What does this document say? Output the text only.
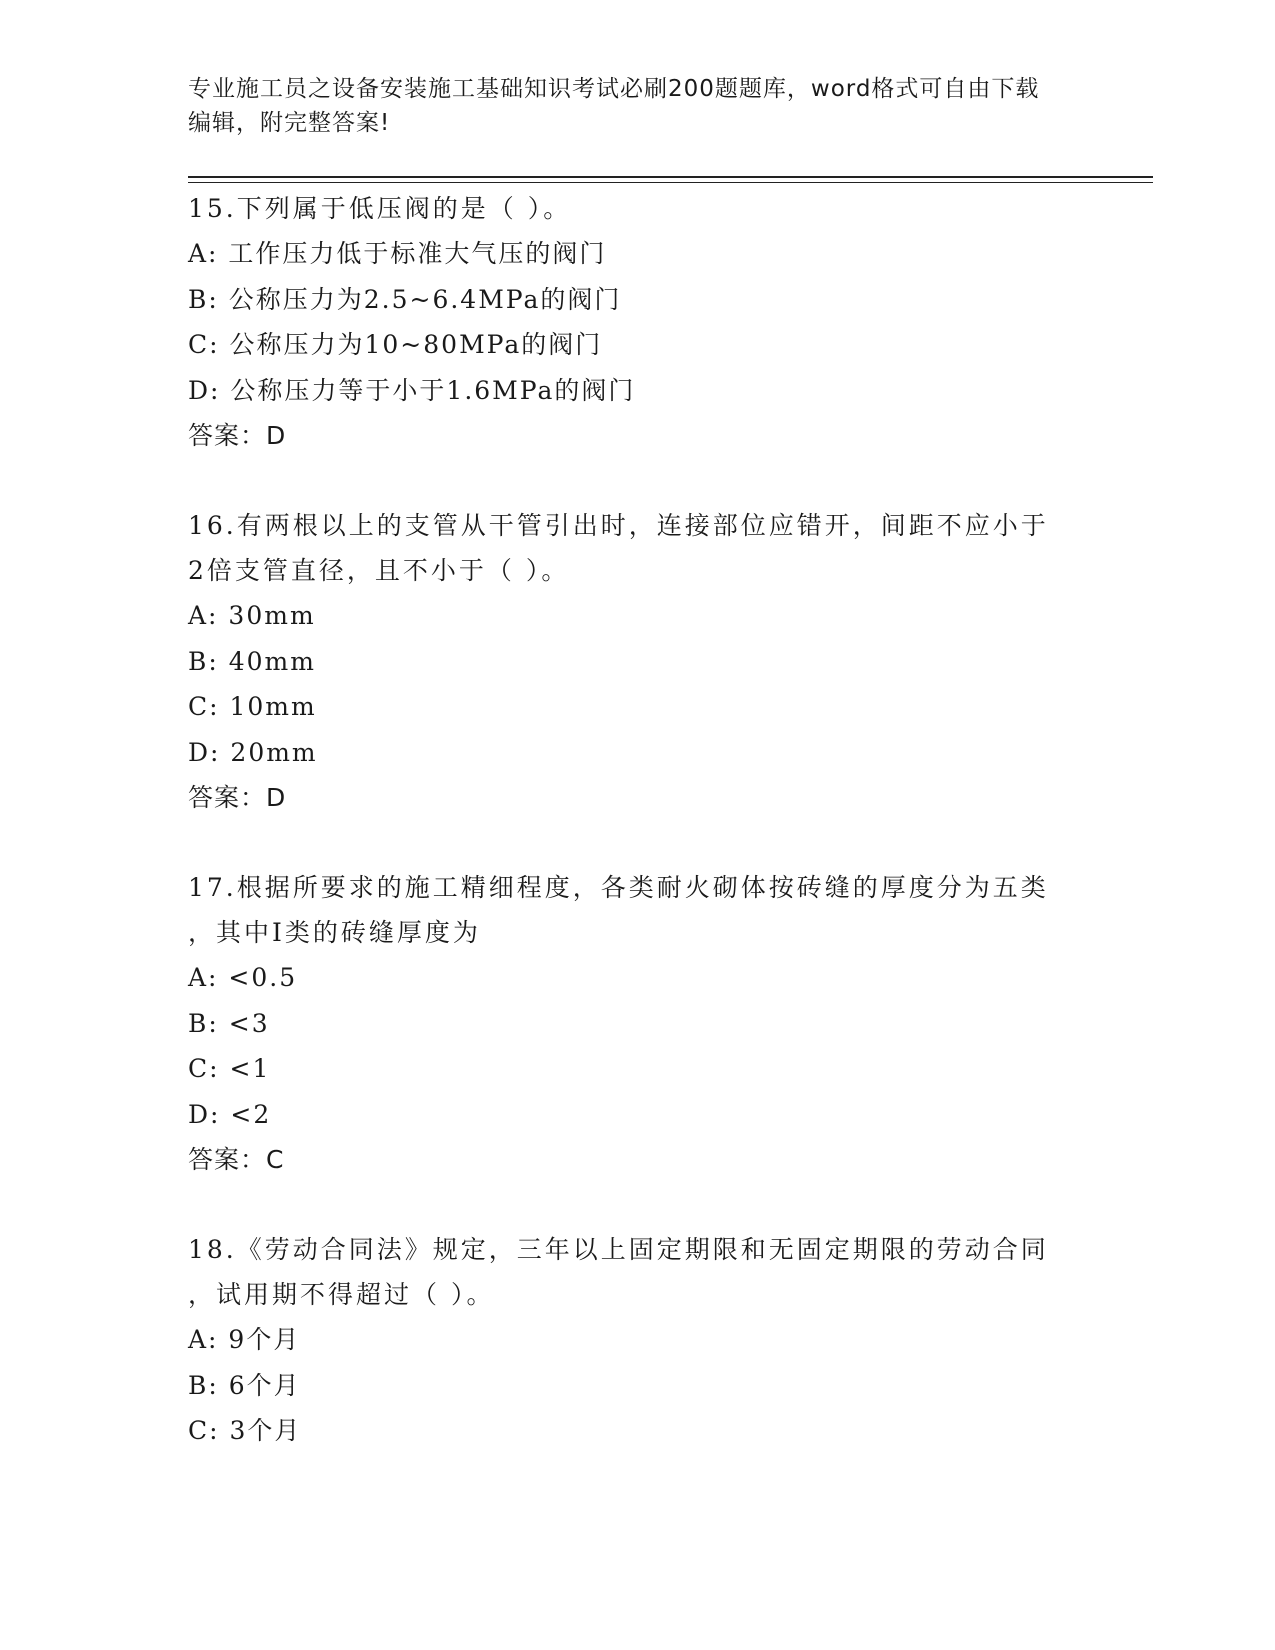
专业施工员之设备安装施工基础知识考试必刷200题题库，word格式可自由下载
编辑，附完整答案!

15.下列属于低压阀的是（ ）。

A: 工作压力低于标准大气压的阀门

B: 公称压力为2.5~6.4MPa的阀门

C: 公称压力为10~80MPa的阀门

D: 公称压力等于小于1.6MPa的阀门

答案：D

16.有两根以上的支管从干管引出时，连接部位应错开，间距不应小于

2倍支管直径，且不小于（ ）。

A: 30mm

B: 40mm

C: 10mm

D: 20mm

答案：D

17.根据所要求的施工精细程度，各类耐火砌体按砖缝的厚度分为五类

，其中I类的砖缝厚度为

A: <0.5

B: <3

C: <1

D: <2

答案：C

18.《劳动合同法》规定，三年以上固定期限和无固定期限的劳动合同

，试用期不得超过（ ）。

A: 9个月

B: 6个月

C: 3个月
